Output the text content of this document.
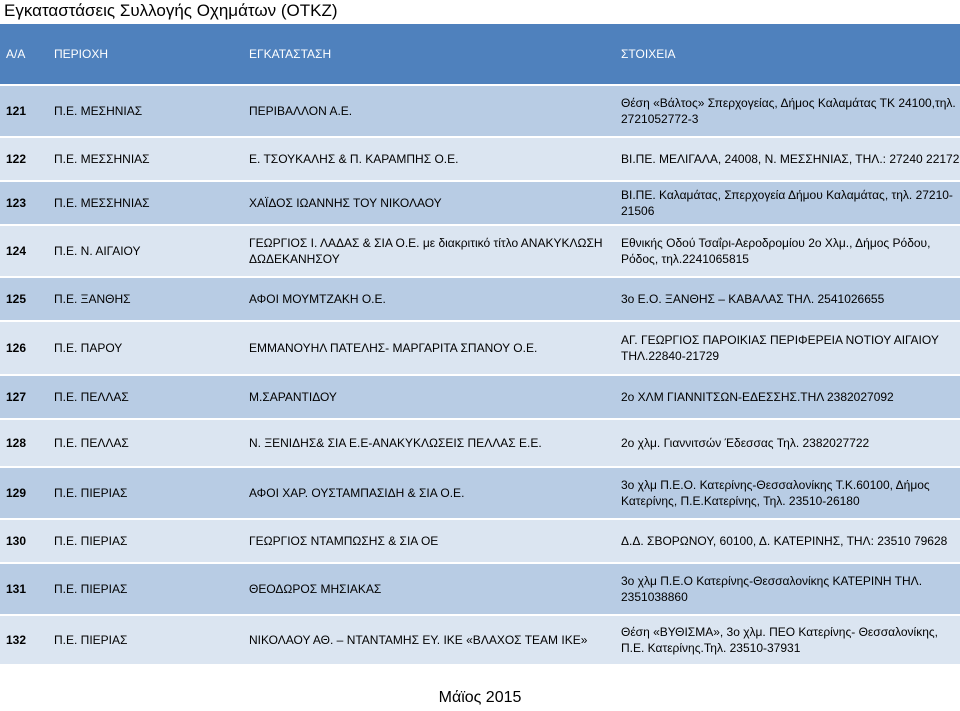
Εγκαταστάσεις Συλλογής Οχημάτων (ΟΤΚΖ)
Α/Α	ΠΕΡΙΟΧΗ	ΕΓΚΑΤΑΣΤΑΣΗ	ΣΤΟΙΧΕΙΑ
121	Π.Ε. ΜΕΣΗΝΙΑΣ	ΠΕΡΙΒΑΛΛΟΝ Α.Ε.	Θέση «Βάλτος» Σπερχογείας, Δήμος Καλαμάτας ΤΚ 24100,τηλ. 2721052772-3
122	Π.Ε. ΜΕΣΣΗΝΙΑΣ	Ε. ΤΣΟΥΚΑΛΗΣ & Π. ΚΑΡΑΜΠΗΣ Ο.Ε.	ΒΙ.ΠΕ. ΜΕΛΙΓΑΛΑ, 24008, Ν. ΜΕΣΣΗΝΙΑΣ, ΤΗΛ.: 27240 22172
123	Π.Ε. ΜΕΣΣΗΝΙΑΣ	ΧΑΪΔΟΣ ΙΩΑΝΝΗΣ ΤΟΥ ΝΙΚΟΛΑΟΥ	ΒΙ.ΠΕ. Καλαμάτας, Σπερχογεία Δήμου Καλαμάτας, τηλ. 27210-21506
124	Π.Ε. Ν. ΑΙΓΑΙΟΥ	ΓΕΩΡΓΙΟΣ Ι. ΛΑΔΑΣ & ΣΙΑ Ο.Ε. με διακριτικό τίτλο ΑΝΑΚΥΚΛΩΣΗ ΔΩΔΕΚΑΝΗΣΟΥ	Εθνικής Οδού Τσαΐρι-Αεροδρομίου 2ο Χλμ., Δήμος Ρόδου, Ρόδος, τηλ.2241065815
125	Π.Ε. ΞΑΝΘΗΣ	ΑΦΟΙ ΜΟΥΜΤΖΑΚΗ Ο.Ε.	3ο Ε.Ο. ΞΑΝΘΗΣ – ΚΑΒΑΛΑΣ ΤΗΛ. 2541026655
126	Π.Ε. ΠΑΡΟΥ	ΕΜΜΑΝΟΥΗΛ ΠΑΤΕΛΗΣ- ΜΑΡΓΑΡΙΤΑ ΣΠΑΝΟΥ Ο.Ε.	ΑΓ. ΓΕΩΡΓΙΟΣ ΠΑΡΟΙΚΙΑΣ ΠΕΡΙΦΕΡΕΙΑ ΝΟΤΙΟΥ ΑΙΓΑΙΟΥ ΤΗΛ.22840-21729
127	Π.Ε. ΠΕΛΛΑΣ	Μ.ΣΑΡΑΝΤΙΔΟΥ	2ο ΧΛΜ ΓΙΑΝΝΙΤΣΩΝ-ΕΔΕΣΣΗΣ.ΤΗΛ 2382027092
128	Π.Ε. ΠΕΛΛΑΣ	Ν. ΞΕΝΙΔΗΣ& ΣΙΑ Ε.Ε-ΑΝΑΚΥΚΛΩΣΕΙΣ ΠΕΛΛΑΣ Ε.Ε.	2ο χλμ. Γιαννιτσών Έδεσσας Τηλ. 2382027722
129	Π.Ε. ΠΙΕΡΙΑΣ	ΑΦΟΙ ΧΑΡ. ΟΥΣΤΑΜΠΑΣΙΔΗ & ΣΙΑ Ο.Ε.	3ο χλμ Π.Ε.Ο. Κατερίνης-Θεσσαλονίκης Τ.Κ.60100, Δήμος Κατερίνης, Π.Ε.Κατερίνης, Τηλ. 23510-26180
130	Π.Ε. ΠΙΕΡΙΑΣ	ΓΕΩΡΓΙΟΣ ΝΤΑΜΠΩΣΗΣ & ΣΙΑ ΟΕ	Δ.Δ. ΣΒΟΡΩΝΟΥ, 60100, Δ. ΚΑΤΕΡΙΝΗΣ, ΤΗΛ: 23510 79628
131	Π.Ε. ΠΙΕΡΙΑΣ	ΘΕΟΔΩΡΟΣ ΜΗΣΙΑΚΑΣ	3ο χλμ Π.Ε.Ο Κατερίνης-Θεσσαλονίκης ΚΑΤΕΡΙΝΗ ΤΗΛ. 2351038860
132	Π.Ε. ΠΙΕΡΙΑΣ	ΝΙΚΟΛΑΟΥ ΑΘ. – ΝΤΑΝΤΑΜΗΣ ΕΥ. ΙΚΕ «ΒΛΑΧΟΣ ΤΕΑΜ ΙΚΕ»	Θέση «ΒΥΘΙΣΜΑ», 3ο χλμ. ΠΕΟ Κατερίνης- Θεσσαλονίκης, Π.Ε. Κατερίνης.Τηλ. 23510-37931
Μάϊος 2015
